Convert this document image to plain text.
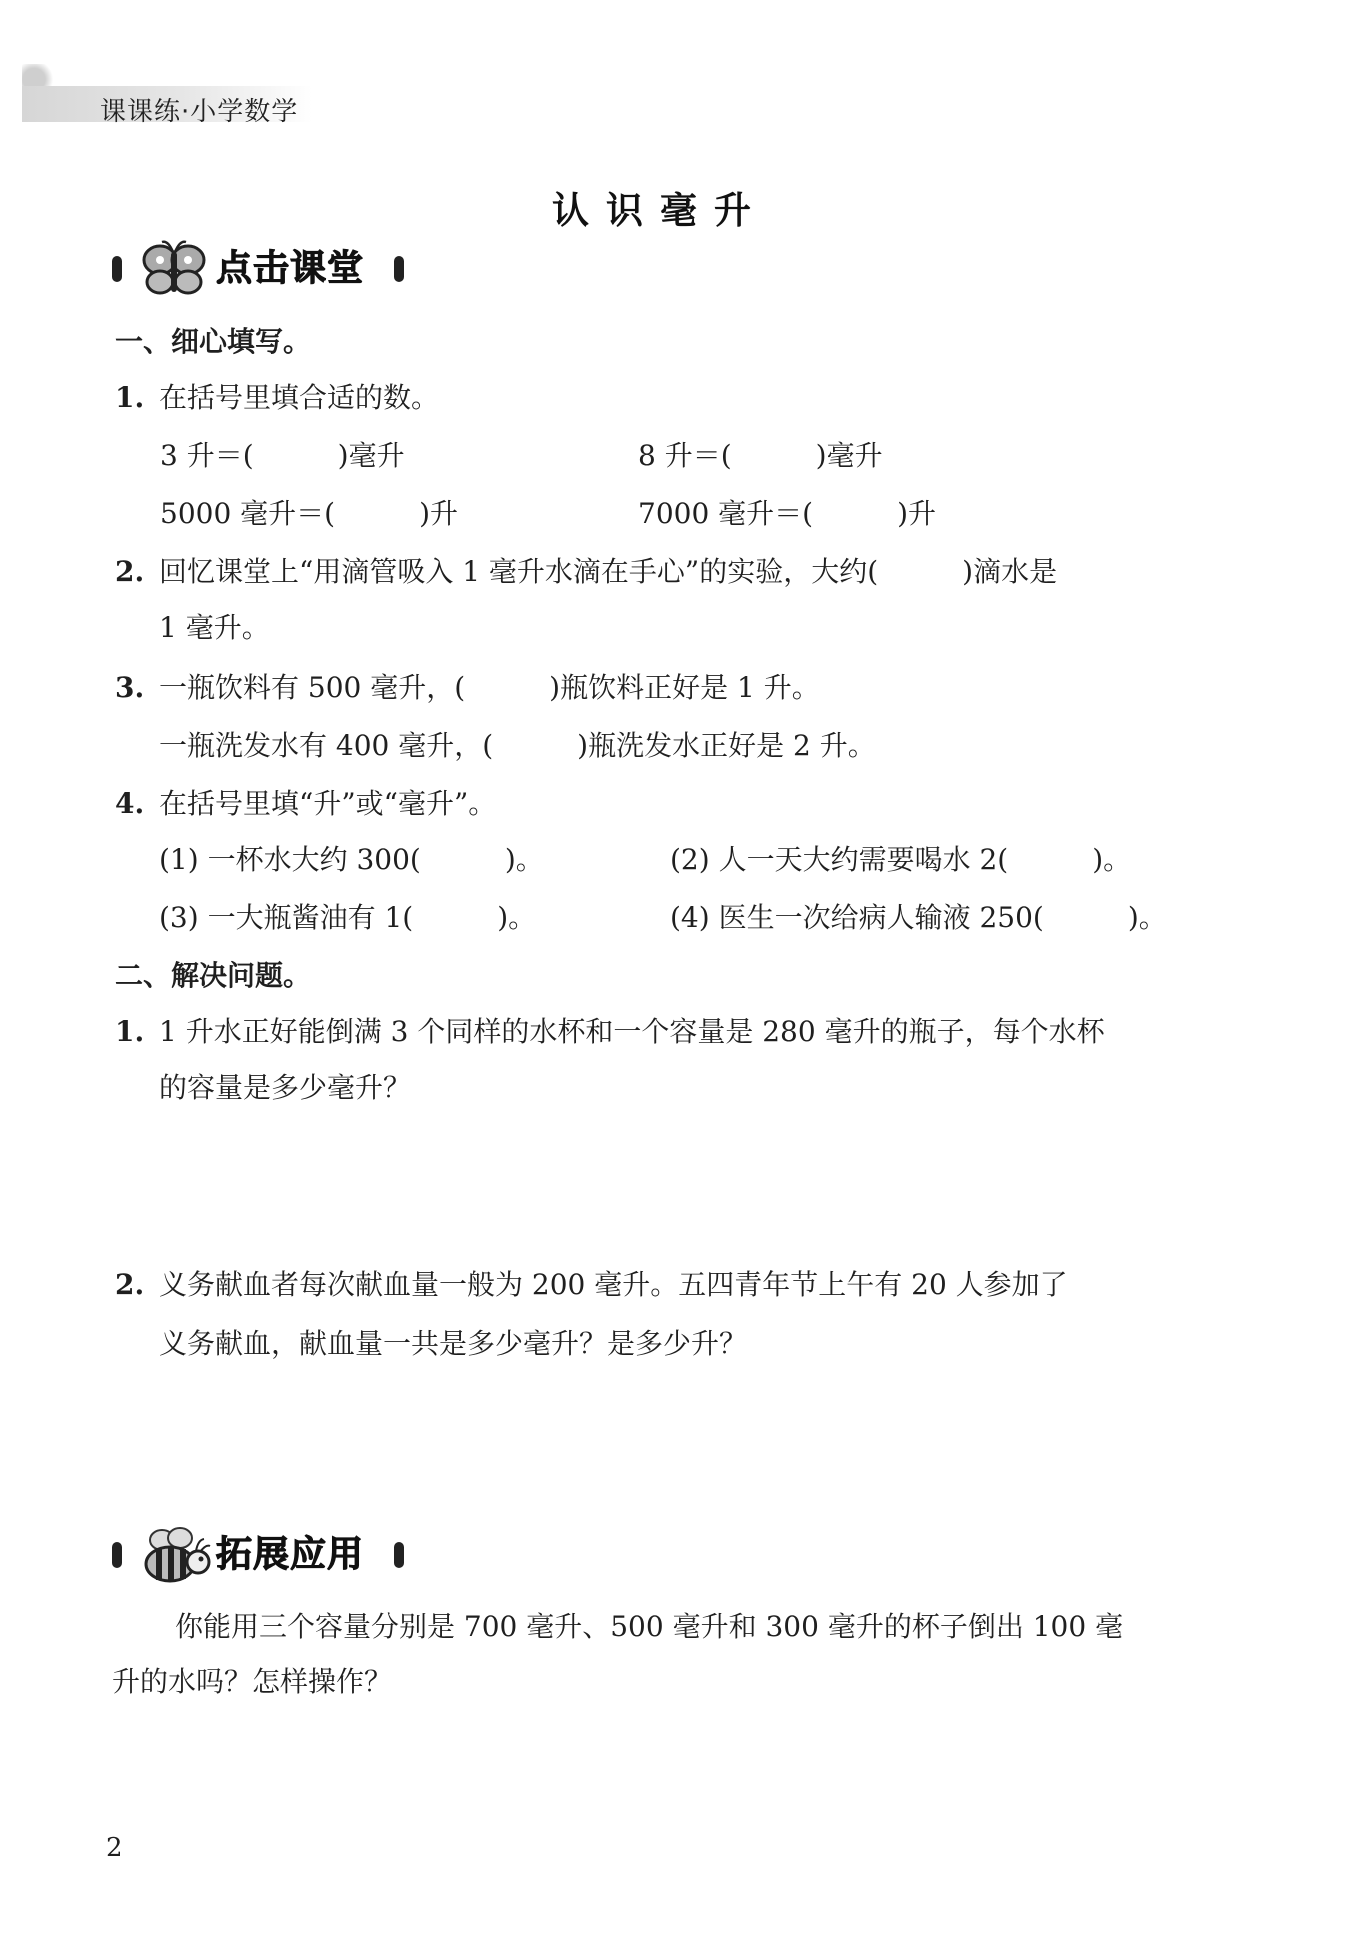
课课练·小学数学
认识毫升
点击课堂
一、细心填写。
1. 在括号里填合适的数。
3 升＝(　　　)毫升	8 升＝(　　　)毫升
5000 毫升＝(　　　)升	7000 毫升＝(　　　)升
2. 回忆课堂上“用滴管吸入 1 毫升水滴在手心”的实验，大约(　　　)滴水是
1 毫升。
3. 一瓶饮料有 500 毫升，(　　　)瓶饮料正好是 1 升。
一瓶洗发水有 400 毫升，(　　　)瓶洗发水正好是 2 升。
4. 在括号里填“升”或“毫升”。
(1) 一杯水大约 300(　　　)。	(2) 人一天大约需要喝水 2(　　　)。
(3) 一大瓶酱油有 1(　　　)。	(4) 医生一次给病人输液 250(　　　)。
二、解决问题。
1. 1 升水正好能倒满 3 个同样的水杯和一个容量是 280 毫升的瓶子，每个水杯
的容量是多少毫升？
2. 义务献血者每次献血量一般为 200 毫升。五四青年节上午有 20 人参加了
义务献血，献血量一共是多少毫升？是多少升？
拓展应用
你能用三个容量分别是 700 毫升、500 毫升和 300 毫升的杯子倒出 100 毫
升的水吗？怎样操作？
2
